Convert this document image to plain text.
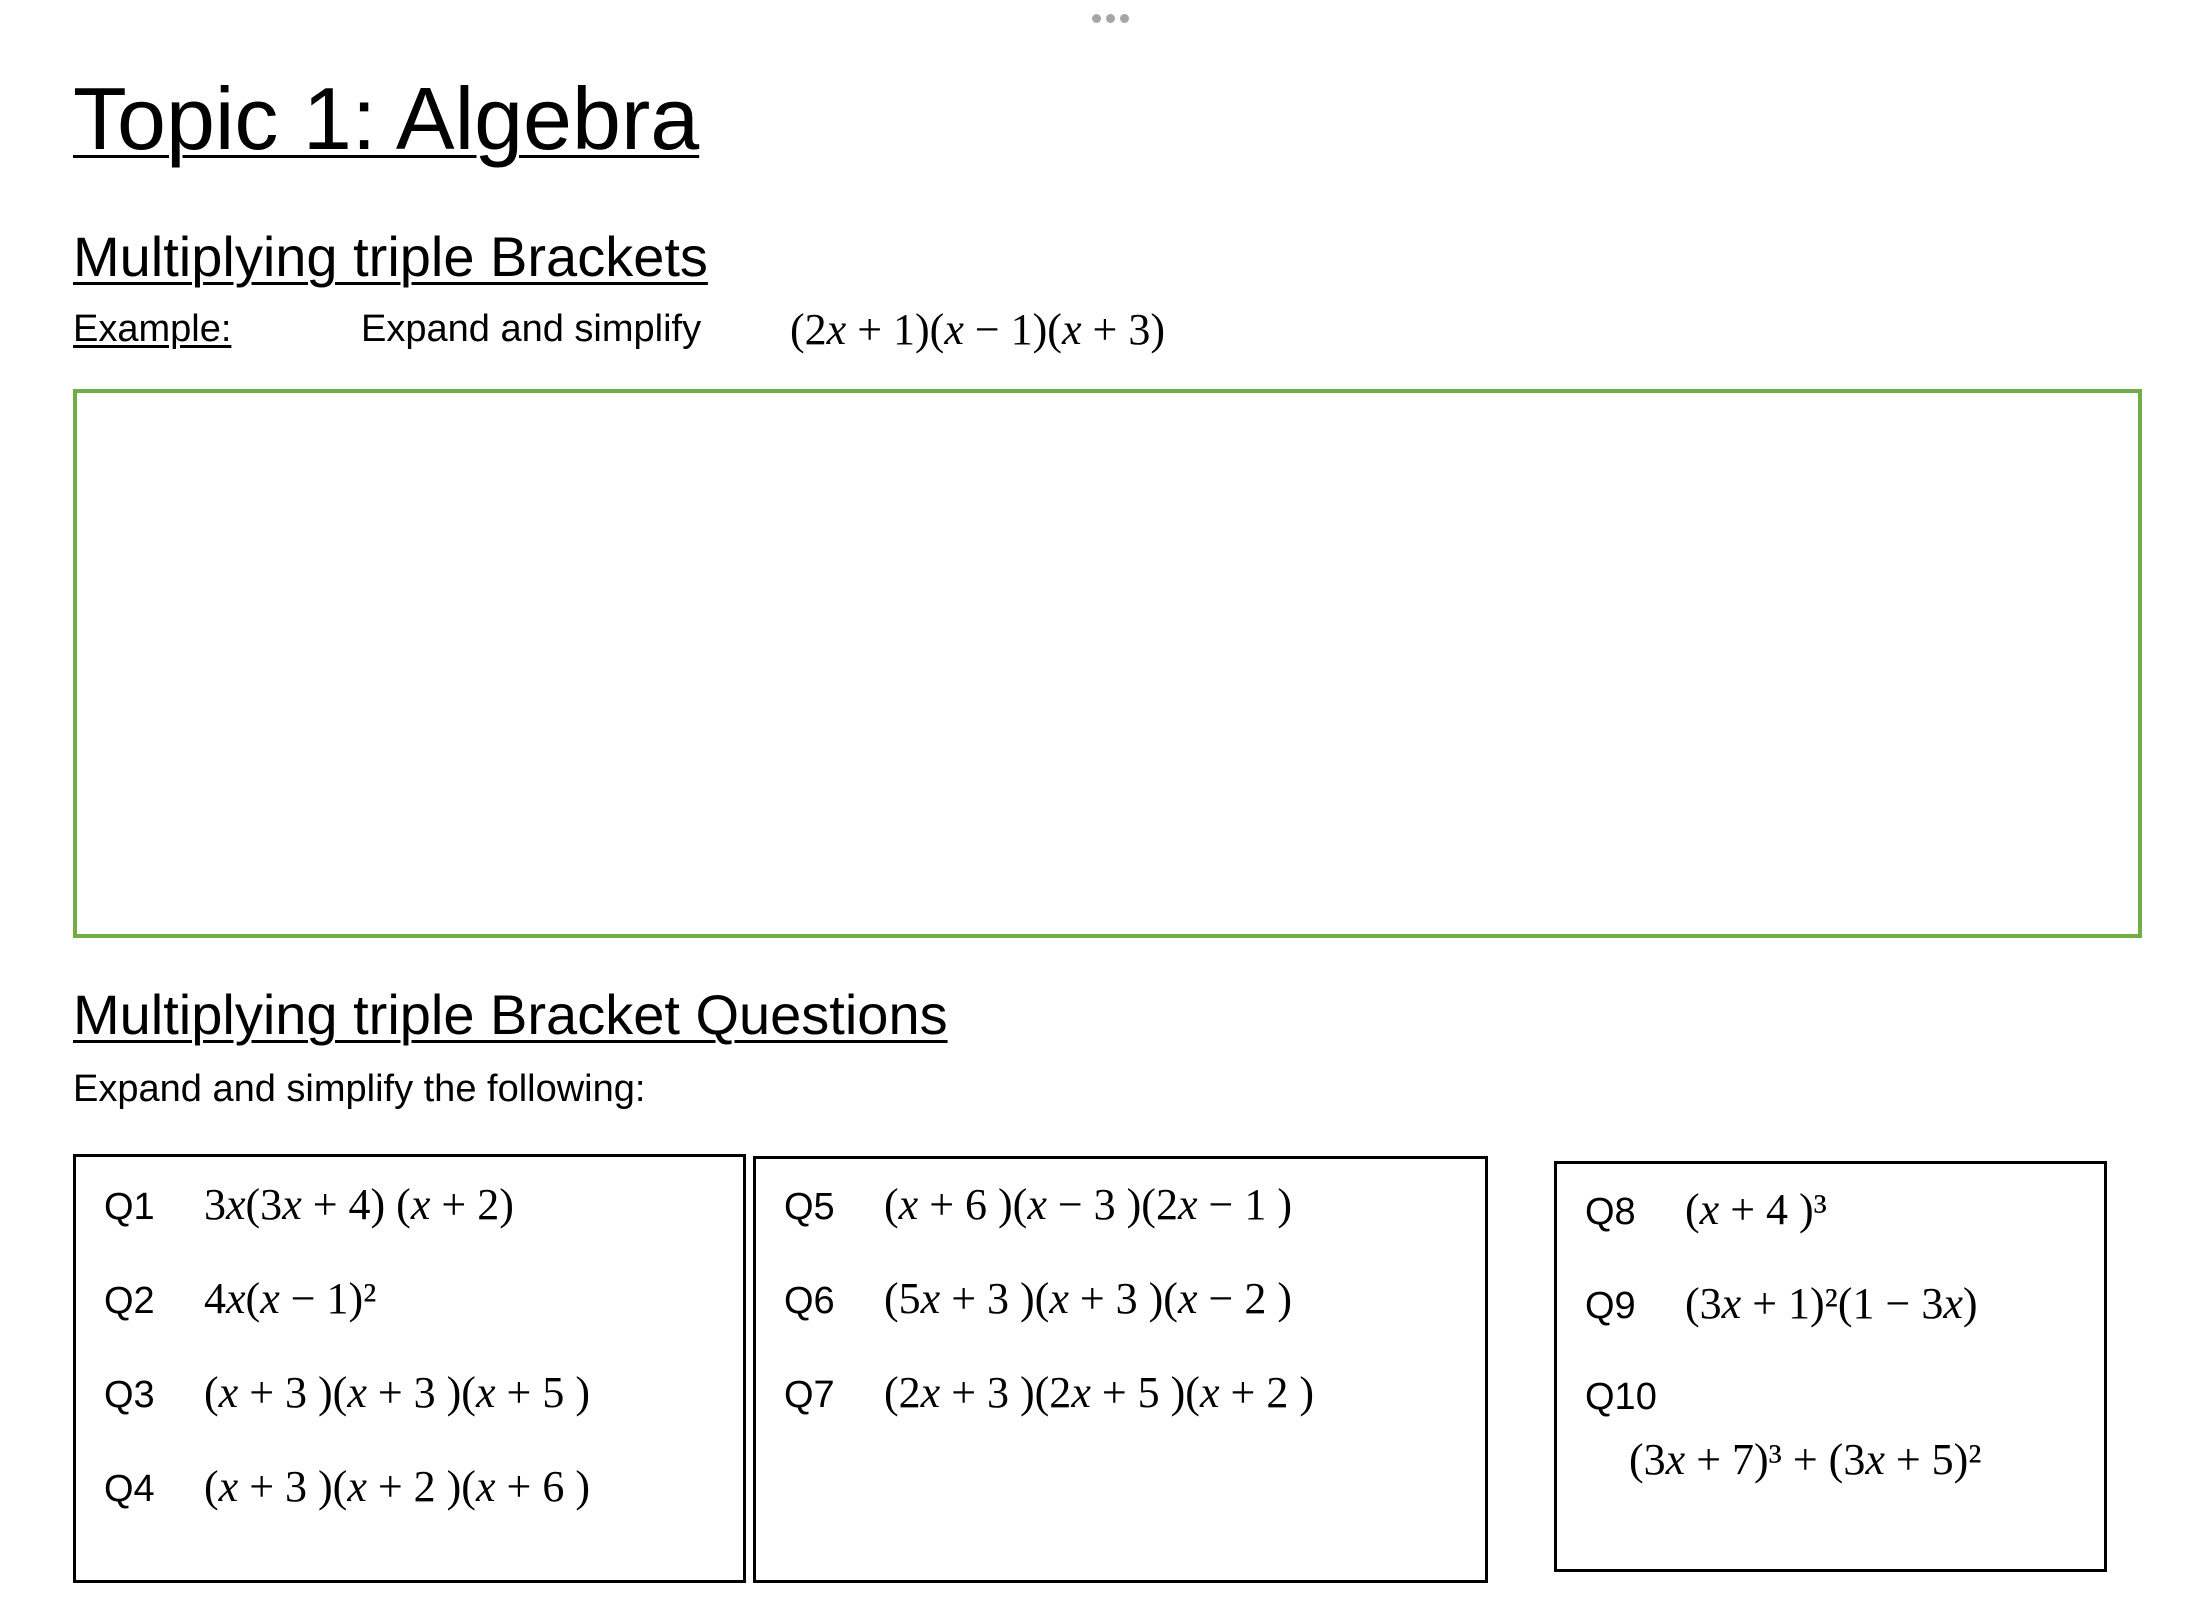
Topic 1: Algebra
Multiplying triple Brackets
Example:	Expand and simplify (2x + 1)(x − 1)(x + 3)
Multiplying triple Bracket Questions
Expand and simplify the following:
Q1	3x(3x + 4) (x + 2)
Q2	4x(x − 1)²
Q3	(x + 3 )(x + 3 )(x + 5 )
Q4	(x + 3 )(x + 2 )(x + 6 )
Q5	(x + 6 )(x − 3 )(2x − 1 )
Q6	(5x + 3 )(x + 3 )(x − 2 )
Q7	(2x + 3 )(2x + 5 )(x + 2 )
Q8	(x + 4 )³
Q9	(3x + 1)²(1 − 3x)
Q10
(3x + 7)³ + (3x + 5)²
